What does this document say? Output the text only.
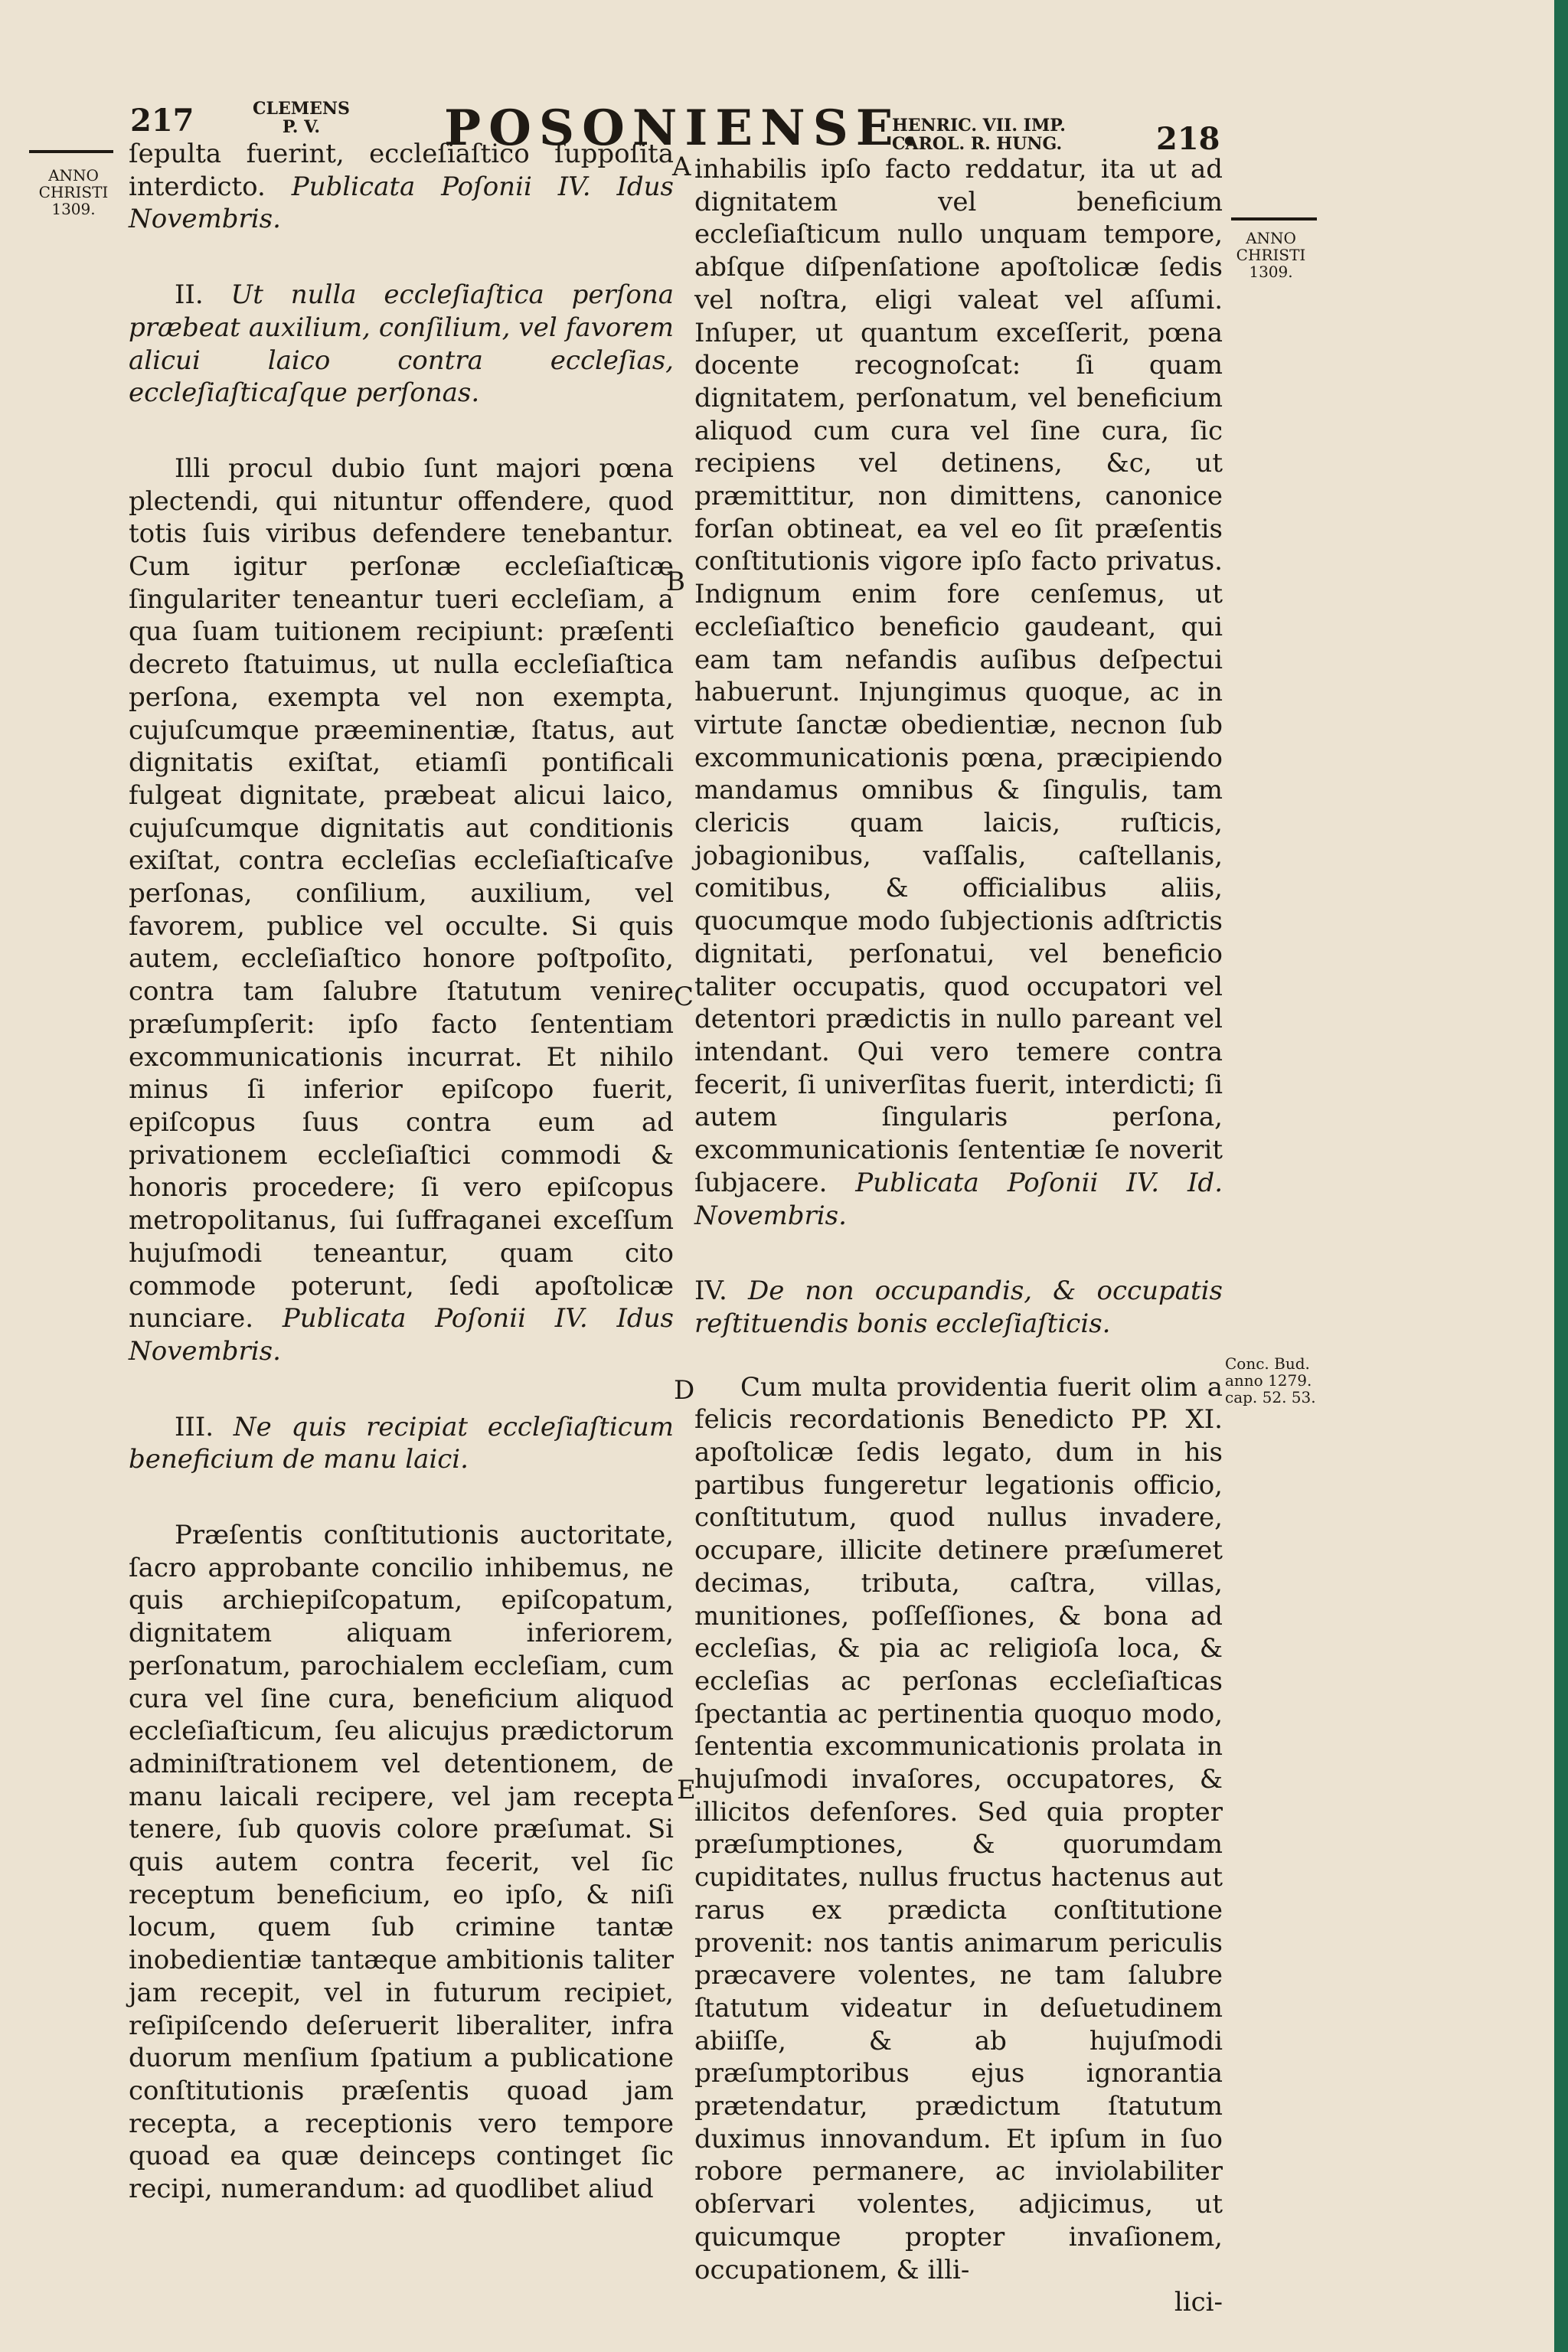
217	CLEMENS
P. V.	POSONIENSE.
HENRIC. VII. IMP.
CAROL. R. HUNG.	218
ANNO
CHRISTI
1309.
ANNO
CHRISTI
1309.
Conc. Bud.
anno 1279.
cap. 52. 53.
A
B
C
D
E

ſepulta fuerint, eccleſiaſtico ſuppoſita interdicto. Publicata Poſonii IV. Idus Novembris.

II. Ut nulla eccleſiaſtica perſona præbeat auxilium, conſilium, vel favorem alicui laico contra eccleſias, eccleſiaſticaſque perſonas.

Illi procul dubio ſunt majori pœna plectendi, qui nituntur offendere, quod totis ſuis viribus defendere tenebantur. Cum igitur perſonæ eccleſiaſticæ ſingulariter teneantur tueri eccleſiam, a qua ſuam tuitionem recipiunt: præſenti decreto ſtatuimus, ut nulla eccleſiaſtica perſona, exempta vel non exempta, cujuſcumque præeminentiæ, ſtatus, aut dignitatis exiſtat, etiamſi pontificali fulgeat dignitate, præbeat alicui laico, cujuſcumque dignitatis aut conditionis exiſtat, contra eccleſias eccleſiaſticaſve perſonas, conſilium, auxilium, vel favorem, publice vel occulte. Si quis autem, eccleſiaſtico honore poſtpoſito, contra tam ſalubre ſtatutum venire præſumpſerit: ipſo facto ſententiam excommunicationis incurrat. Et nihilo minus ſi inferior epiſcopo fuerit, epiſcopus ſuus contra eum ad privationem eccleſiaſtici commodi & honoris procedere; ſi vero epiſcopus metropolitanus, ſui ſuffraganei exceſſum hujuſmodi teneantur, quam cito commode poterunt, ſedi apoſtolicæ nunciare. Publicata Poſonii IV. Idus Novembris.

III. Ne quis recipiat eccleſiaſticum beneficium de manu laici.

Præſentis conſtitutionis auctoritate, ſacro approbante concilio inhibemus, ne quis archiepiſcopatum, epiſcopatum, dignitatem aliquam inferiorem, perſonatum, parochialem eccleſiam, cum cura vel ſine cura, beneficium aliquod eccleſiaſticum, ſeu alicujus prædictorum adminiſtrationem vel detentionem, de manu laicali recipere, vel jam recepta tenere, ſub quovis colore præſumat. Si quis autem contra fecerit, vel ſic receptum beneficium, eo ipſo, & niſi locum, quem ſub crimine tantæ inobedientiæ tantæque ambitionis taliter jam recepit, vel in futurum recipiet, reſipiſcendo deſeruerit liberaliter, infra duorum menſium ſpatium a publicatione conſtitutionis præſentis quoad jam recepta, a receptionis vero tempore quoad ea quæ deinceps continget ſic recipi, numerandum: ad quodlibet aliud

inhabilis ipſo facto reddatur, ita ut ad dignitatem vel beneficium eccleſiaſticum nullo unquam tempore, abſque diſpenſatione apoſtolicæ ſedis vel noſtra, eligi valeat vel aſſumi. Inſuper, ut quantum exceſſerit, pœna docente recognoſcat: ſi quam dignitatem, perſonatum, vel beneficium aliquod cum cura vel ſine cura, ſic recipiens vel detinens, &c, ut præmittitur, non dimittens, canonice forſan obtineat, ea vel eo ſit præſentis conſtitutionis vigore ipſo facto privatus. Indignum enim fore cenſemus, ut eccleſiaſtico beneficio gaudeant, qui eam tam nefandis auſibus deſpectui habuerunt. Injungimus quoque, ac in virtute ſanctæ obedientiæ, necnon ſub excommunicationis pœna, præcipiendo mandamus omnibus & ſingulis, tam clericis quam laicis, ruſticis, jobagionibus, vaſſalis, caſtellanis, comitibus, & officialibus aliis, quocumque modo ſubjectionis adſtrictis dignitati, perſonatui, vel beneficio taliter occupatis, quod occupatori vel detentori prædictis in nullo pareant vel intendant. Qui vero temere contra fecerit, ſi univerſitas fuerit, interdicti; ſi autem ſingularis perſona, excommunicationis ſententiæ ſe noverit ſubjacere. Publicata Poſonii IV. Id. Novembris.

IV. De non occupandis, & occupatis reſtituendis bonis eccleſiaſticis.

Cum multa providentia fuerit olim a felicis recordationis Benedicto PP. XI. apoſtolicæ ſedis legato, dum in his partibus fungeretur legationis officio, conſtitutum, quod nullus invadere, occupare, illicite detinere præſumeret decimas, tributa, caſtra, villas, munitiones, poſſeſſiones, & bona ad eccleſias, & pia ac religioſa loca, & eccleſias ac perſonas eccleſiaſticas ſpectantia ac pertinentia quoquo modo, ſententia excommunicationis prolata in hujuſmodi invaſores, occupatores, & illicitos defenſores. Sed quia propter præſumptiones, & quorumdam cupiditates, nullus fructus hactenus aut rarus ex prædicta conſtitutione provenit: nos tantis animarum periculis præcavere volentes, ne tam ſalubre ſtatutum videatur in deſuetudinem abiiſſe, & ab hujuſmodi præſumptoribus ejus ignorantia prætendatur, prædictum ſtatutum duximus innovandum. Et ipſum in ſuo robore permanere, ac inviolabiliter obſervari volentes, adjicimus, ut quicumque propter invaſionem, occupationem, & illi-

lici-
